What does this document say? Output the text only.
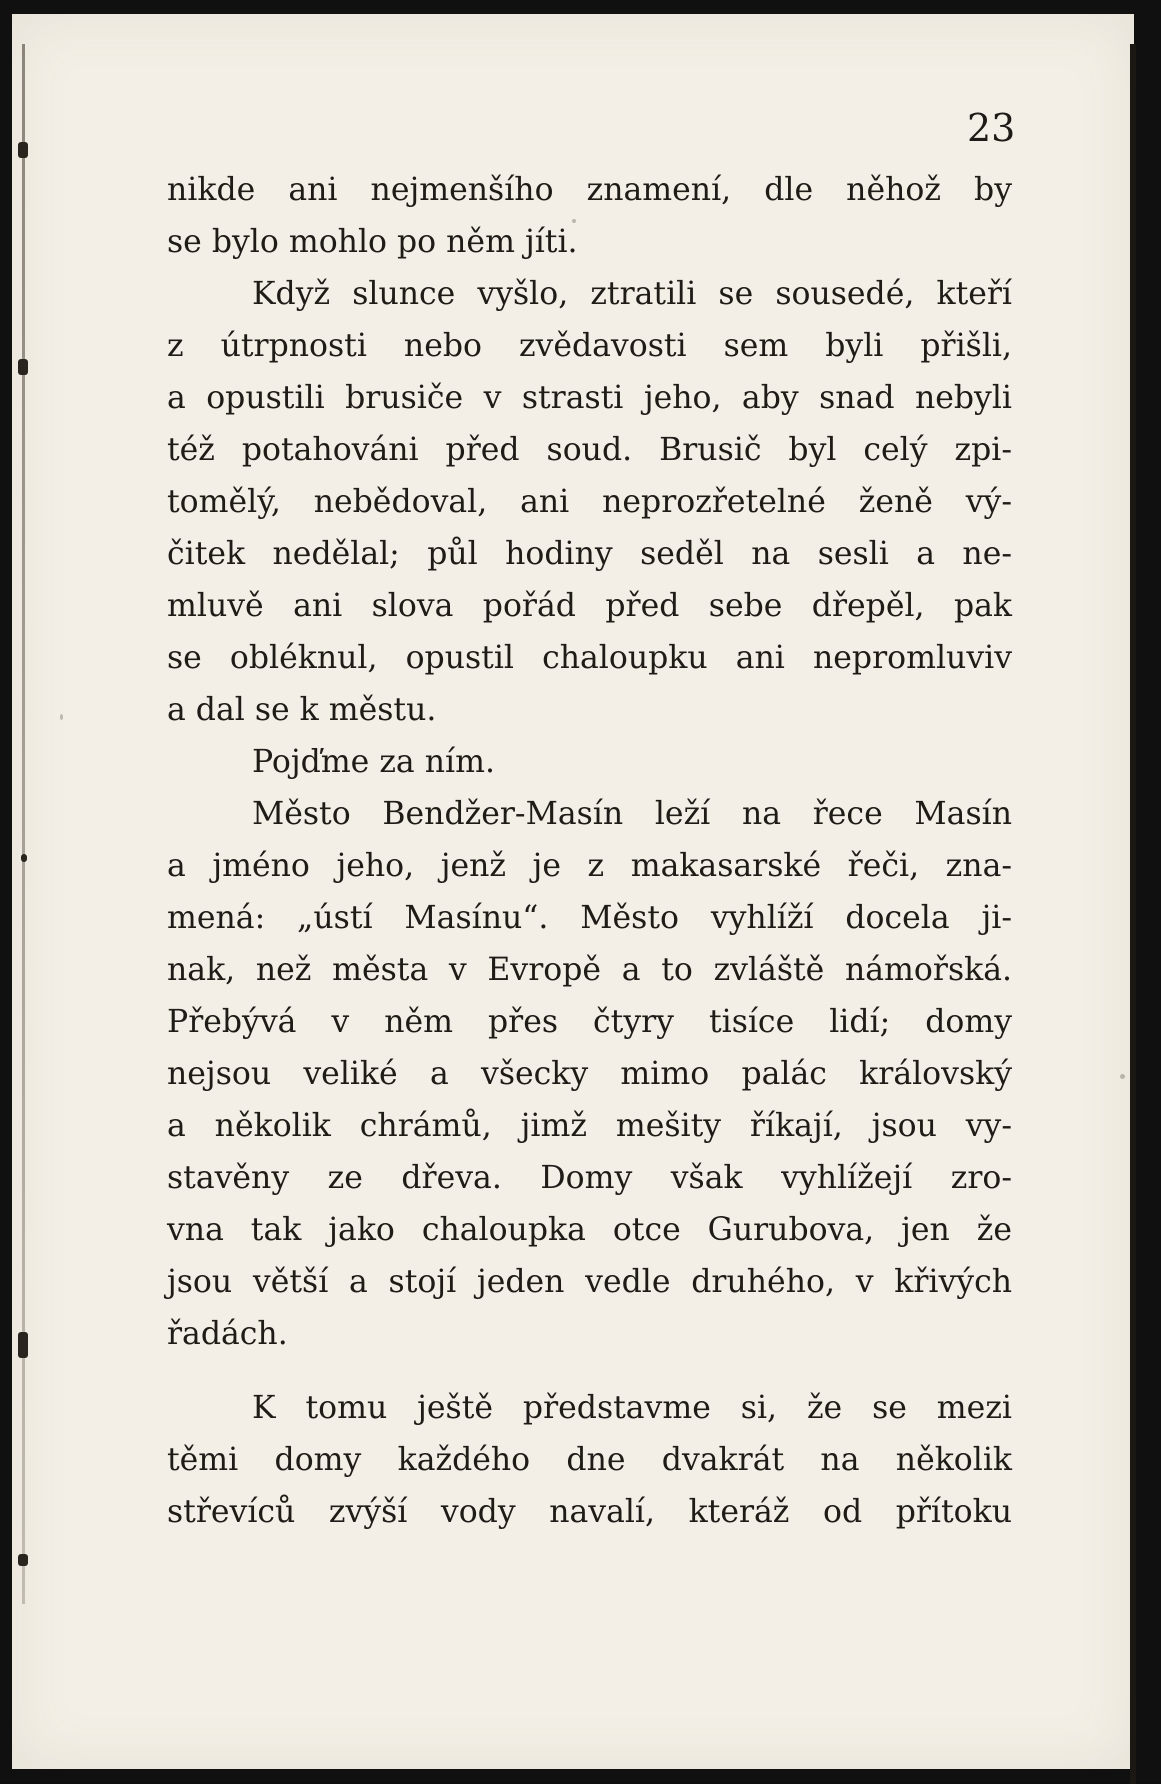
23
nikde ani nejmenšího znamení, dle něhož by
se bylo mohlo po něm jíti.
Když slunce vyšlo, ztratili se sousedé, kteří
z útrpnosti nebo zvědavosti sem byli přišli,
a opustili brusiče v strasti jeho, aby snad nebyli
též potahováni před soud. Brusič byl celý zpi-
tomělý, nebědoval, ani neprozřetelné ženě vý-
čitek nedělal; půl hodiny seděl na sesli a ne-
mluvě ani slova pořád před sebe dřepěl, pak
se obléknul, opustil chaloupku ani nepromluviv
a dal se k městu.
Pojďme za ním.
Město Bendžer-Masín leží na řece Masín
a jméno jeho, jenž je z makasarské řeči, zna-
mená: „ústí Masínu“. Město vyhlíží docela ji-
nak, než města v Evropě a to zvláště námořská.
Přebývá v něm přes čtyry tisíce lidí; domy
nejsou veliké a všecky mimo palác královský
a několik chrámů, jimž mešity říkají, jsou vy-
stavěny ze dřeva. Domy však vyhlížejí zro-
vna tak jako chaloupka otce Gurubova, jen že
jsou větší a stojí jeden vedle druhého, v křivých
řadách.
K tomu ještě představme si, že se mezi
těmi domy každého dne dvakrát na několik
střevíců zvýší vody navalí, kteráž od přítoku
